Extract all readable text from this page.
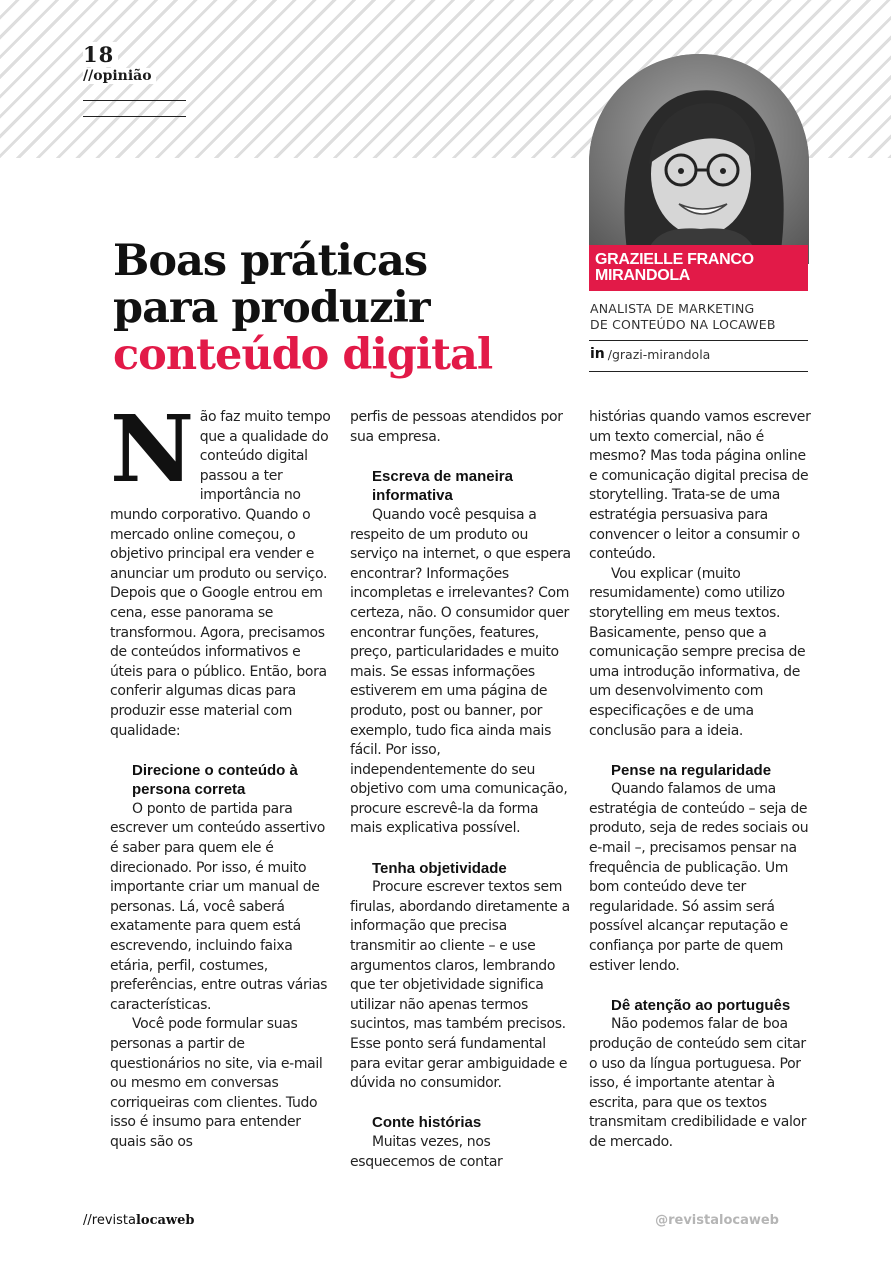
18
//opinião
GRAZIELLE FRANCO
MIRANDOLA
ANALISTA DE MARKETING
DE CONTEÚDO NA LOCAWEB
in /grazi-mirandola
Boas práticas
para produzir
conteúdo digital
N ão faz muito tempo que a qualidade do conteúdo digital passou a ter importância no mundo corporativo. Quando o mercado online começou, o objetivo principal era vender e anunciar um produto ou serviço. Depois que o Google entrou em cena, esse panorama se transformou. Agora, precisamos de conteúdos informativos e úteis para o público. Então, bora conferir algumas dicas para produzir esse material com qualidade:

Direcione o conteúdo à persona correta

O ponto de partida para escrever um conteúdo assertivo é saber para quem ele é direcionado. Por isso, é muito importante criar um manual de personas. Lá, você saberá exatamente para quem está escrevendo, incluindo faixa etária, perfil, costumes, preferências, entre outras várias características.

Você pode formular suas personas a partir de questionários no site, via e-mail ou mesmo em conversas corriqueiras com clientes. Tudo isso é insumo para entender quais são os

perfis de pessoas atendidos por sua empresa.

Escreva de maneira informativa

Quando você pesquisa a respeito de um produto ou serviço na internet, o que espera encontrar? Informações incompletas e irrelevantes? Com certeza, não. O consumidor quer encontrar funções, features, preço, particularidades e muito mais. Se essas informações estiverem em uma página de produto, post ou banner, por exemplo, tudo fica ainda mais fácil. Por isso, independentemente do seu objetivo com uma comunicação, procure escrevê-la da forma mais explicativa possível.

Tenha objetividade

Procure escrever textos sem firulas, abordando diretamente a informação que precisa transmitir ao cliente – e use argumentos claros, lembrando que ter objetividade significa utilizar não apenas termos sucintos, mas também precisos. Esse ponto será fundamental para evitar gerar ambiguidade e dúvida no consumidor.

Conte histórias

Muitas vezes, nos esquecemos de contar

histórias quando vamos escrever um texto comercial, não é mesmo? Mas toda página online e comunicação digital precisa de storytelling. Trata-se de uma estratégia persuasiva para convencer o leitor a consumir o conteúdo.

Vou explicar (muito resumidamente) como utilizo storytelling em meus textos. Basicamente, penso que a comunicação sempre precisa de uma introdução informativa, de um desenvolvimento com especificações e de uma conclusão para a ideia.

Pense na regularidade

Quando falamos de uma estratégia de conteúdo – seja de produto, seja de redes sociais ou e-mail –, precisamos pensar na frequência de publicação. Um bom conteúdo deve ter regularidade. Só assim será possível alcançar reputação e confiança por parte de quem estiver lendo.

Dê atenção ao português

Não podemos falar de boa produção de conteúdo sem citar o uso da língua portuguesa. Por isso, é importante atentar à escrita, para que os textos transmitam credibilidade e valor de mercado.

//revistalocaweb	@revistalocaweb
